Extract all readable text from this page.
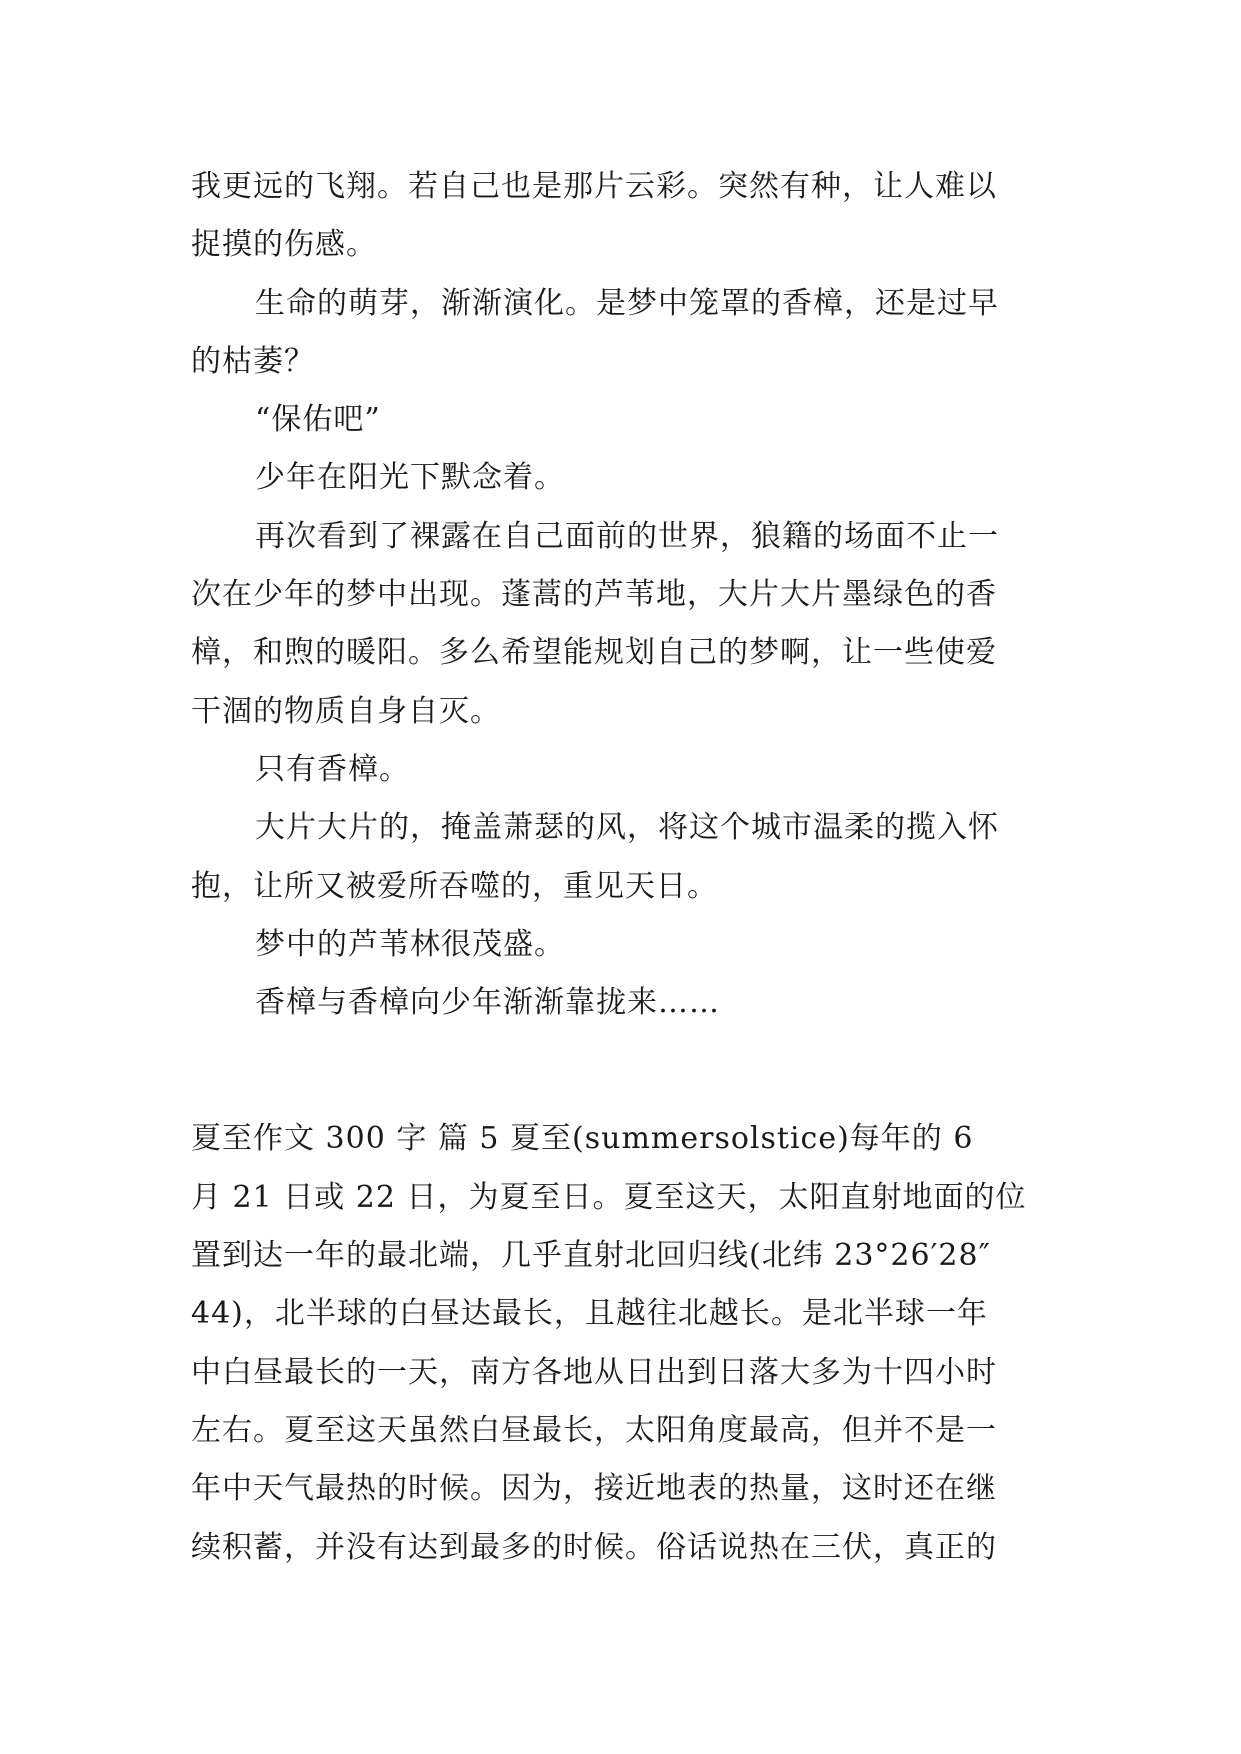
我更远的飞翔。若自己也是那片云彩。突然有种，让人难以
捉摸的伤感。
生命的萌芽，渐渐演化。是梦中笼罩的香樟，还是过早
的枯萎？
“保佑吧”
少年在阳光下默念着。
再次看到了裸露在自己面前的世界，狼籍的场面不止一
次在少年的梦中出现。蓬蒿的芦苇地，大片大片墨绿色的香
樟，和煦的暖阳。多么希望能规划自己的梦啊，让一些使爱
干涸的物质自身自灭。
只有香樟。
大片大片的，掩盖萧瑟的风，将这个城市温柔的揽入怀
抱，让所又被爱所吞噬的，重见天日。
梦中的芦苇林很茂盛。
香樟与香樟向少年渐渐靠拢来……
夏至作文 300 字 篇 5 夏至(summersolstice)每年的 6
月 21 日或 22 日，为夏至日。夏至这天，太阳直射地面的位
置到达一年的最北端，几乎直射北回归线(北纬 23°26′28″
44)，北半球的白昼达最长，且越往北越长。是北半球一年
中白昼最长的一天，南方各地从日出到日落大多为十四小时
左右。夏至这天虽然白昼最长，太阳角度最高，但并不是一
年中天气最热的时候。因为，接近地表的热量，这时还在继
续积蓄，并没有达到最多的时候。俗话说热在三伏，真正的
